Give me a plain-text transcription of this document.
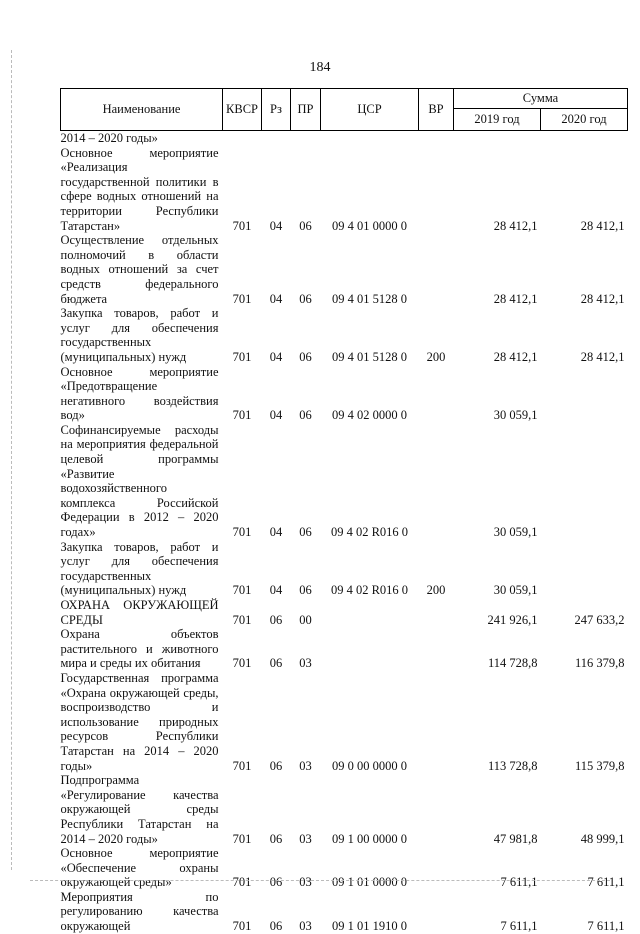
184
Наименование	КВСР	Рз	ПР	ЦСР	ВР	Сумма	
						2019 год	2020 год
2014 – 2020 годы»							
Основное мероприятие «Реализация государственной политики в сфере водных отношений на территории Республики Татарстан»	701	04	06	09 4 01 0000 0		28 412,1	28 412,1
Осуществление отдельных полномочий в области водных отношений за счет средств федерального бюджета	701	04	06	09 4 01 5128 0		28 412,1	28 412,1
Закупка товаров, работ и услуг для обеспечения государственных (муниципальных) нужд	701	04	06	09 4 01 5128 0	200	28 412,1	28 412,1
Основное мероприятие «Предотвращение негативного воздействия вод»	701	04	06	09 4 02 0000 0		30 059,1	
Софинансируемые расходы на мероприятия федеральной целевой программы «Развитие водохозяйственного комплекса Российской Федерации в 2012 – 2020 годах»	701	04	06	09 4 02 R016 0		30 059,1	
Закупка товаров, работ и услуг для обеспечения государственных (муниципальных) нужд	701	04	06	09 4 02 R016 0	200	30 059,1	
ОХРАНА ОКРУЖАЮЩЕЙ СРЕДЫ	701	06	00			241 926,1	247 633,2
Охрана объектов растительного и животного мира и среды их обитания	701	06	03			114 728,8	116 379,8
Государственная программа «Охрана окружающей среды, воспроизводство и использование природных ресурсов Республики Татарстан на 2014 – 2020 годы»	701	06	03	09 0 00 0000 0		113 728,8	115 379,8
Подпрограмма «Регулирование качества окружающей среды Республики Татарстан на 2014 – 2020 годы»	701	06	03	09 1 00 0000 0		47 981,8	48 999,1
Основное мероприятие «Обеспечение охраны окружающей среды»	701	06	03	09 1 01 0000 0		7 611,1	7 611,1
Мероприятия по регулированию качества окружающей	701	06	03	09 1 01 1910 0		7 611,1	7 611,1
